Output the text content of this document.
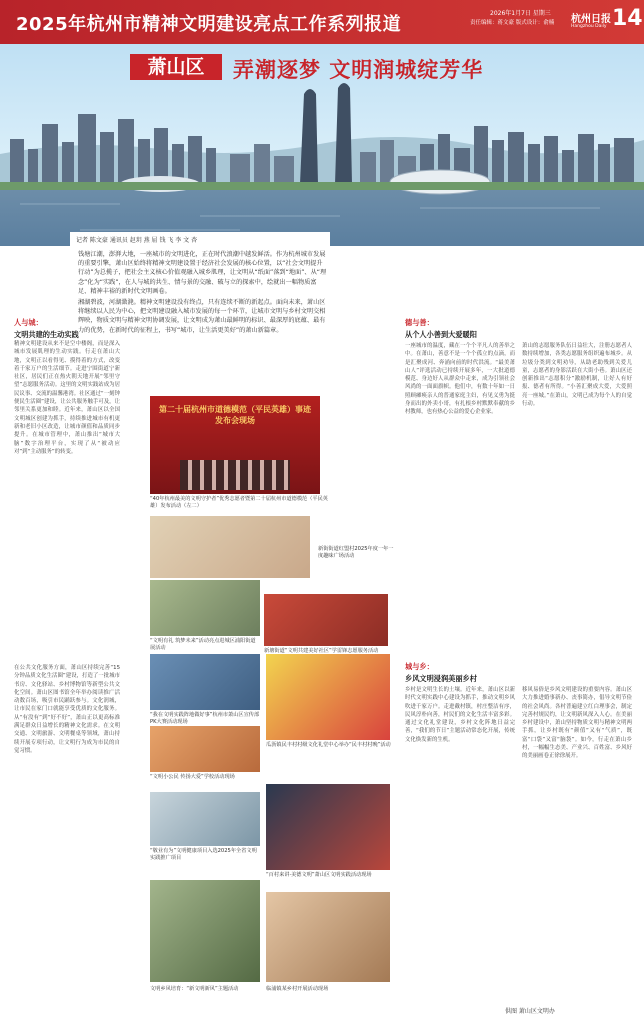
2025年杭州市精神文明建设亮点工作系列报道
2026年1月7日 星期三
责任编辑：蒋文豪 版式设计：俞楠 杭州日报
Hangzhou Daily 14
萧山区	弄潮逐梦 文明润城绽芳华
记者 陈文豪 通讯员 赵玥 燕 屈 钱 飞 李 文 杏

钱塘江潮，澎湃大地，一座城市的文明进化，正在时代浪潮中越发鲜活。作为杭州城市发展的重要引擎，萧山区始终将精神文明建设置于经济社会发展的核心位置，以“社会文明提升行动”为总揽子，把社会主义核心价值观融入城乡肌理，让文明从“纸面”落到“地面”、从“理念”化为“实践”，在人与城的共生、情与景的交融、破与立的探索中，绘就出一幅物质富足、精神丰裕的新时代文明画卷。

湘湖碧波，河湖潋滟。精神文明建设没有终点，只有连续不断的新起点。面向未来，萧山区将继续以人民为中心，把文明建设融入城市发展的每一个环节，让城市文明与乡村文明交相辉映，物质文明与精神文明协调发展，让文明成为萧山最鲜明的标识、最深厚的底蕴、最有力的优势，在新时代的征程上，书写“城市，让生活更美好”的萧山新篇章。

人与城：
文明共建的生动实践
精神文明建设从来不是空中楼阁，而是深入城市发展肌理的生动实践。行走在萧山大地，文明正以看得见、摸得着的方式，改变着千家万户的生活细节。走进宁围街道宁新社区，居民们正在热火朝天地开展“邻里守望”志愿服务活动。这里的文明实践站成为居民议事、交流的温馨港湾。社区通过“一刻钟便民生活圈”建设，让公共服务触手可及，让邻里关系更加和睦。近年来，萧山区以全国文明城区创建为抓手，持续推进城市有机更新和老旧小区改造，让城市颜值和品质同步提升。在城市管理中，萧山推出“城市大脑”数字治理平台，实现了从“被动应对”到“主动服务”的转变。
在公共文化服务方面，萧山区持续完善“15分钟品质文化生活圈”建设，打造了一批城市书房、文化驿站、乡村博物馆等新型公共文化空间。萧山区图书馆全年举办阅读推广活动数百场，吸引市民踊跃参与。文化润城，让市民在家门口就能享受优质的文化服务。从“有没有”到“好不好”，萧山正以更高标准满足群众日益增长的精神文化需求。在文明交通、文明旅游、文明餐桌等领域，萧山持续开展专项行动，让文明行为成为市民的自觉习惯。
德与善：
从个人小善到大爱暖阳
一座城市的温度，藏在一个个平凡人的善举之中。在萧山，善意不是一个个孤立的点滴，而是汇聚成河、奔涌向前的时代洪流。“最美萧山人”评选活动已持续开展多年，一大批道德模范、身边好人从群众中走来，成为引领社会风尚的一面面旗帜。他们中，有数十年如一日照顾瘫痪亲人的普通家庭主妇，有见义勇为挺身而出的外卖小哥，有扎根乡村默默奉献的乡村教师，也有热心公益的爱心企业家。
萧山的志愿服务队伍日益壮大，注册志愿者人数持续增加，各类志愿服务组织遍布城乡。从垃圾分类到文明劝导，从助老助残到关爱儿童，志愿者的身影活跃在大街小巷。萧山区还创新推出“志愿积分”激励机制，让好人有好报、德者有所得。“小善汇聚成大爱，大爱照亮一座城。”在萧山，文明已成为每个人的自觉行动。
城与乡：
乡风文明浸润美丽乡村
乡村是文明生长的土壤。近年来，萧山区以新时代文明实践中心建设为抓手，推动文明乡风吹进千家万户。走进戴村镇，村庄整洁有序，民风淳朴向善，村民们的文化生活丰富多彩。通过文化礼堂建设，乡村文化阵地日益完善，“我们的节日”主题活动常态化开展，传统文化焕发新的生机。
移风易俗是乡风文明建设的重要内容。萧山区大力推进婚事新办、丧事简办，倡导文明节俭的社会风尚。各村普遍建立红白理事会，制定完善村规民约，让文明新风深入人心。在美丽乡村建设中，萧山坚持物质文明与精神文明两手抓，让乡村既有“颜值”又有“气质”，既富“口袋”又富“脑袋”。如今，行走在萧山乡村，一幅幅生态美、产业兴、百姓富、乡风好的美丽画卷正徐徐展开。
第二十届杭州市道德模范（平民英雄）事迹发布会现场
“40年杭州最美的文明守护者”优秀志愿者暨第二十届杭州市道德模范（平民英雄）发布活动（左二）
新街街道红盟村2025年度一年一度趣味广场活动
“文明有礼 筑梦未来”活动亮点进城区浦阳街道展活动	新塘街道“文明共建美好社区”学雷锋志愿服务活动
“我在文明实践阵地做好事”杭州市萧山区宣传部PK大赛活动现场
瓜沥镇民丰村村级文化礼堂中心举办“民丰村村晚”活动
“文明小公民 传扬大爱”学校活动现场
“敬业有为”文明健康项目入选2025年全省文明实践推广项目
“百村来讲·美德文明”萧山区文明实践活动现场
文明乡风培育：“新文明新风”主题活动	临浦镇某乡村开展活动现场
供图 萧山区文明办
